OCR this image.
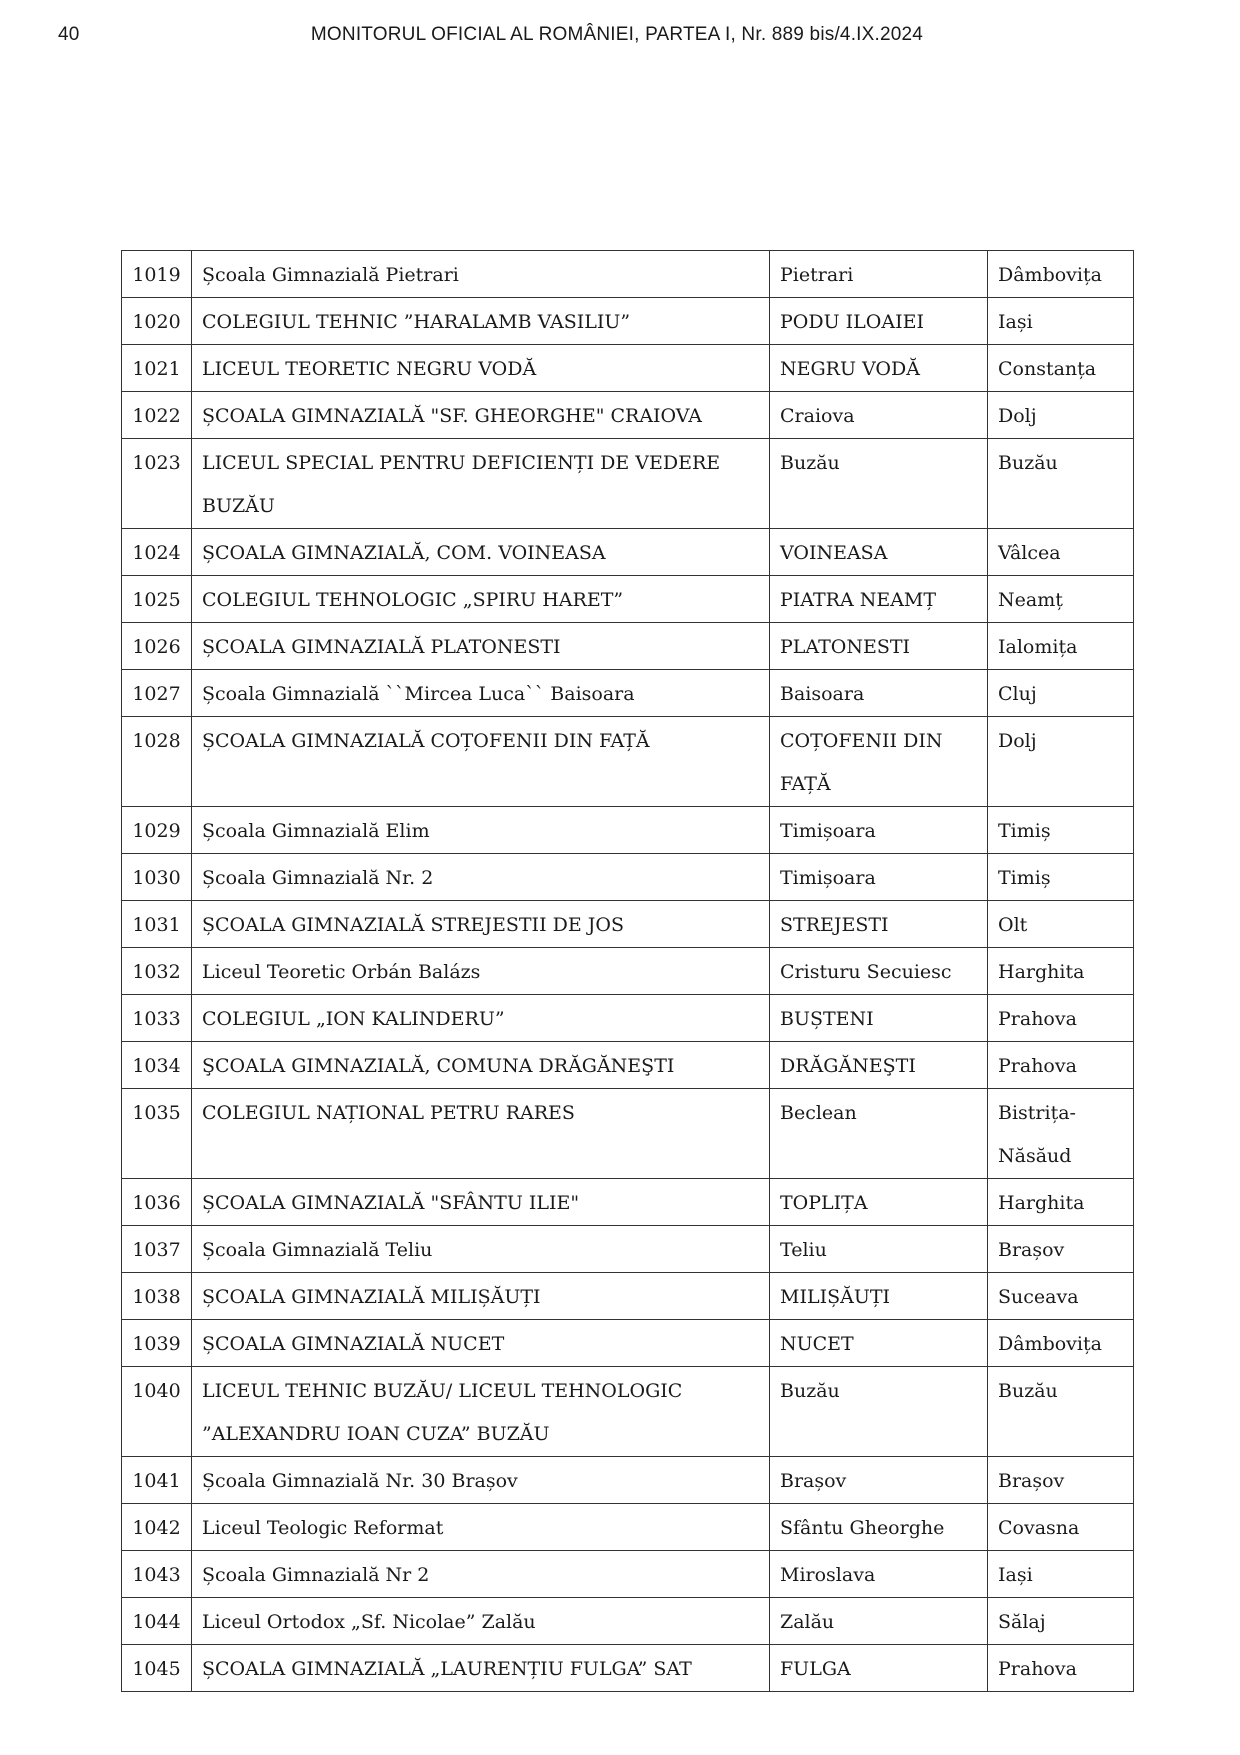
40	MONITORUL OFICIAL AL ROMÂNIEI, PARTEA I, Nr. 889 bis/4.IX.2024
1019	Școala Gimnazială Pietrari	Pietrari	Dâmbovița

1020	COLEGIUL TEHNIC ”HARALAMB VASILIU”	PODU ILOAIEI	Iași

1021	LICEUL TEORETIC NEGRU VODĂ	NEGRU VODĂ	Constanța

1022	ȘCOALA GIMNAZIALĂ "SF. GHEORGHE" CRAIOVA	Craiova	Dolj

1023	LICEUL SPECIAL PENTRU DEFICIENȚI DE VEDERE BUZĂU	Buzău	Buzău

1024	ȘCOALA GIMNAZIALĂ, COM. VOINEASA	VOINEASA	Vâlcea

1025	COLEGIUL TEHNOLOGIC „SPIRU HARET”	PIATRA NEAMȚ	Neamț

1026	ȘCOALA GIMNAZIALĂ PLATONESTI	PLATONESTI	Ialomița

1027	Școala Gimnazială ``Mircea Luca`` Baisoara	Baisoara	Cluj

1028	ȘCOALA GIMNAZIALĂ COȚOFENII DIN FAȚĂ	COȚOFENII DIN FAȚĂ	Dolj

1029	Școala Gimnazială Elim	Timișoara	Timiș

1030	Școala Gimnazială Nr. 2	Timișoara	Timiș

1031	ȘCOALA GIMNAZIALĂ STREJESTII DE JOS	STREJESTI	Olt

1032	Liceul Teoretic Orbán Balázs	Cristuru Secuiesc	Harghita

1033	COLEGIUL „ION KALINDERU”	BUȘTENI	Prahova

1034	ŞCOALA GIMNAZIALĂ, COMUNA DRĂGĂNEŞTI	DRĂGĂNEŞTI	Prahova

1035	COLEGIUL NAȚIONAL PETRU RARES	Beclean	Bistrița-Năsăud

1036	ȘCOALA GIMNAZIALĂ "SFÂNTU ILIE"	TOPLIȚA	Harghita

1037	Școala Gimnazială Teliu	Teliu	Brașov

1038	ȘCOALA GIMNAZIALĂ MILIȘĂUȚI	MILIȘĂUȚI	Suceava

1039	ȘCOALA GIMNAZIALĂ NUCET	NUCET	Dâmbovița

1040	LICEUL TEHNIC BUZĂU/ LICEUL TEHNOLOGIC ”ALEXANDRU IOAN CUZA” BUZĂU	Buzău	Buzău

1041	Școala Gimnazială Nr. 30 Brașov	Brașov	Brașov

1042	Liceul Teologic Reformat	Sfântu Gheorghe	Covasna

1043	Școala Gimnazială Nr 2	Miroslava	Iași

1044	Liceul Ortodox „Sf. Nicolae” Zalău	Zalău	Sălaj

1045	ȘCOALA GIMNAZIALĂ „LAURENȚIU FULGA” SAT	FULGA	Prahova
